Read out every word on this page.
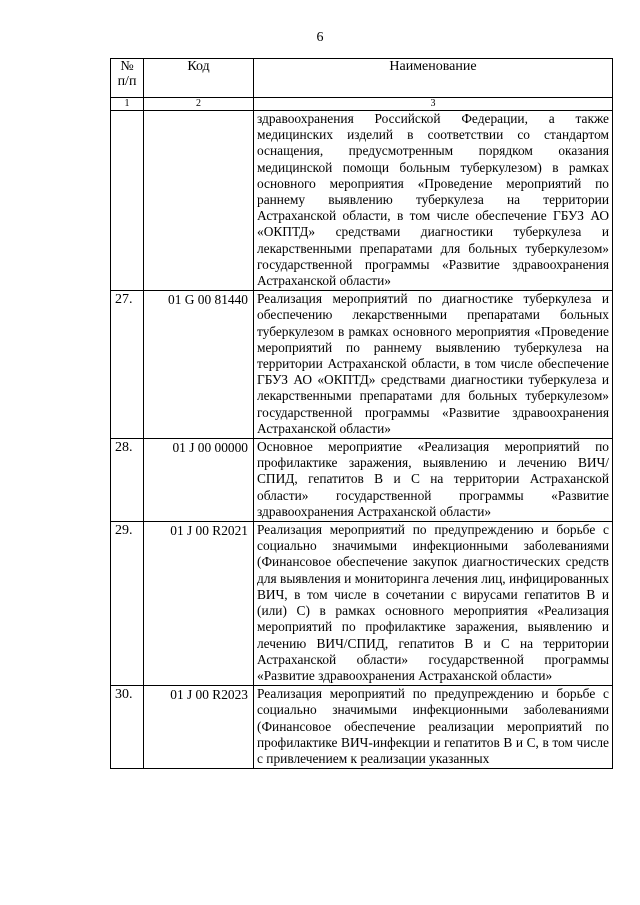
6
№
п/п	Код	Наименование
1	2	3
		здравоохранения Российской Федерации, а также медицинских изделий в соответствии со стандартом оснащения, предусмотренным порядком оказания медицинской помощи больным туберкулезом) в рамках основного мероприятия «Проведение мероприятий по раннему выявлению туберкулеза на территории Астраханской области, в том числе обеспечение ГБУЗ АО «ОКПТД» средствами диагностики туберкулеза и лекарственными препаратами для больных туберкулезом» государственной программы «Развитие здравоохранения Астраханской области»
27.	01 G 00 81440	Реализация мероприятий по диагностике туберкулеза и обеспечению лекарственными препаратами больных туберкулезом в рамках основного мероприятия «Проведение мероприятий по раннему выявлению туберкулеза на территории Астраханской области, в том числе обеспечение ГБУЗ АО «ОКПТД» средствами диагностики туберкулеза и лекарственными препаратами для больных туберкулезом» государственной программы «Развитие здравоохранения Астраханской области»
28.	01 J 00 00000	Основное мероприятие «Реализация мероприятий по профилактике заражения, выявлению и лечению ВИЧ/СПИД, гепатитов В и С на территории Астраханской области» государственной программы «Развитие здравоохранения Астраханской области»
29.	01 J 00 R2021	Реализация мероприятий по предупреждению и борьбе с социально значимыми инфекционными заболеваниями (Финансовое обеспечение закупок диагностических средств для выявления и мониторинга лечения лиц, инфицированных ВИЧ, в том числе в сочетании с вирусами гепатитов В и (или) С) в рамках основного мероприятия «Реализация мероприятий по профилактике заражения, выявлению и лечению ВИЧ/СПИД, гепатитов В и С на территории Астраханской области» государственной программы «Развитие здравоохранения Астраханской области»
30.	01 J 00 R2023	Реализация мероприятий по предупреждению и борьбе с социально значимыми инфекционными заболеваниями (Финансовое обеспечение реализации мероприятий по профилактике ВИЧ-инфекции и гепатитов В и С, в том числе с привлечением к реализации указанных
